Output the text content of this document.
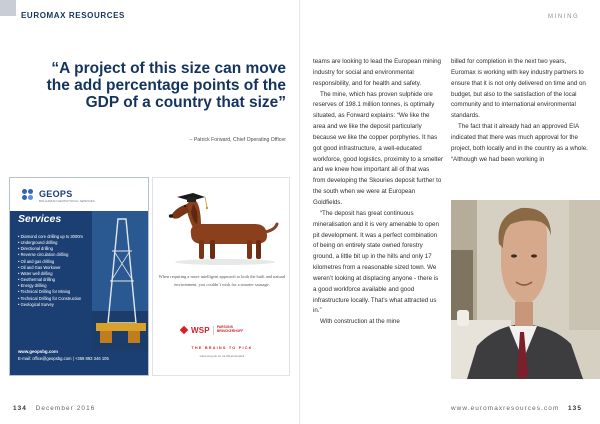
EUROMAX RESOURCES	MINING
“A project of this size can move the add percentage points of the GDP of a country that size”
– Patrick Forward, Chief Operating Officer

teams are looking to lead the European mining industry for social and environmental responsibility, and for health and safety.

The mine, which has proven sulphide ore reserves of 198.1 million tonnes, is optimally situated, as Forward explains: “We like the area and we like the deposit particularly because we like the copper porphyries. It has got good infrastructure, a well-educated workforce, good logistics, proximity to a smelter and we knew how important all of that was from developing the Skouries deposit further to the south when we were at European Goldfields.

“The deposit has great continuous mineralisation and it is very amenable to open pit development. It was a perfect combination of being on entirely state owned forestry ground, a little bit up in the hills and only 17 kilometres from a reasonable sized town. We weren’t looking at displacing anyone - there is a good workforce available and good infrastructure locally. That’s what attracted us in.”

With construction at the mine

billed for completion in the next two years, Euromax is working with key industry partners to ensure that it is not only delivered on time and on budget, but also to the satisfaction of the local community and to international environmental standards.

The fact that it already had an approved EIA indicated that there was much approval for the project, both locally and in the country as a whole. “Although we had been working in

GEOPS
BOLGARIAN GEOPHYSICAL SERVICES
Services
• Diamond core drilling up to 3000m
• Underground drilling
• Directional drilling
• Reverse circulation drilling
• Oil and gas drilling
• Oil and Gas Workover
• Water well drilling
• Geothermal drilling
• Energy drilling
• Technical Drilling for Mining
• Technical Drilling for Construction
• Geological Survey
www.geopsbg.com
E-mail: office@geopsbg.com | +359 893 346 105
When requiring a more intelligent approach to both the built and natural environment, you couldn’t wish for a smarter sausage.
WSP PARSONS
BRINCKERHOFF
THE BRAINS TO PICK
www.wsp-pb.co.uk #brainstopick
134 December 2016	www.euromaxresources.com 135
